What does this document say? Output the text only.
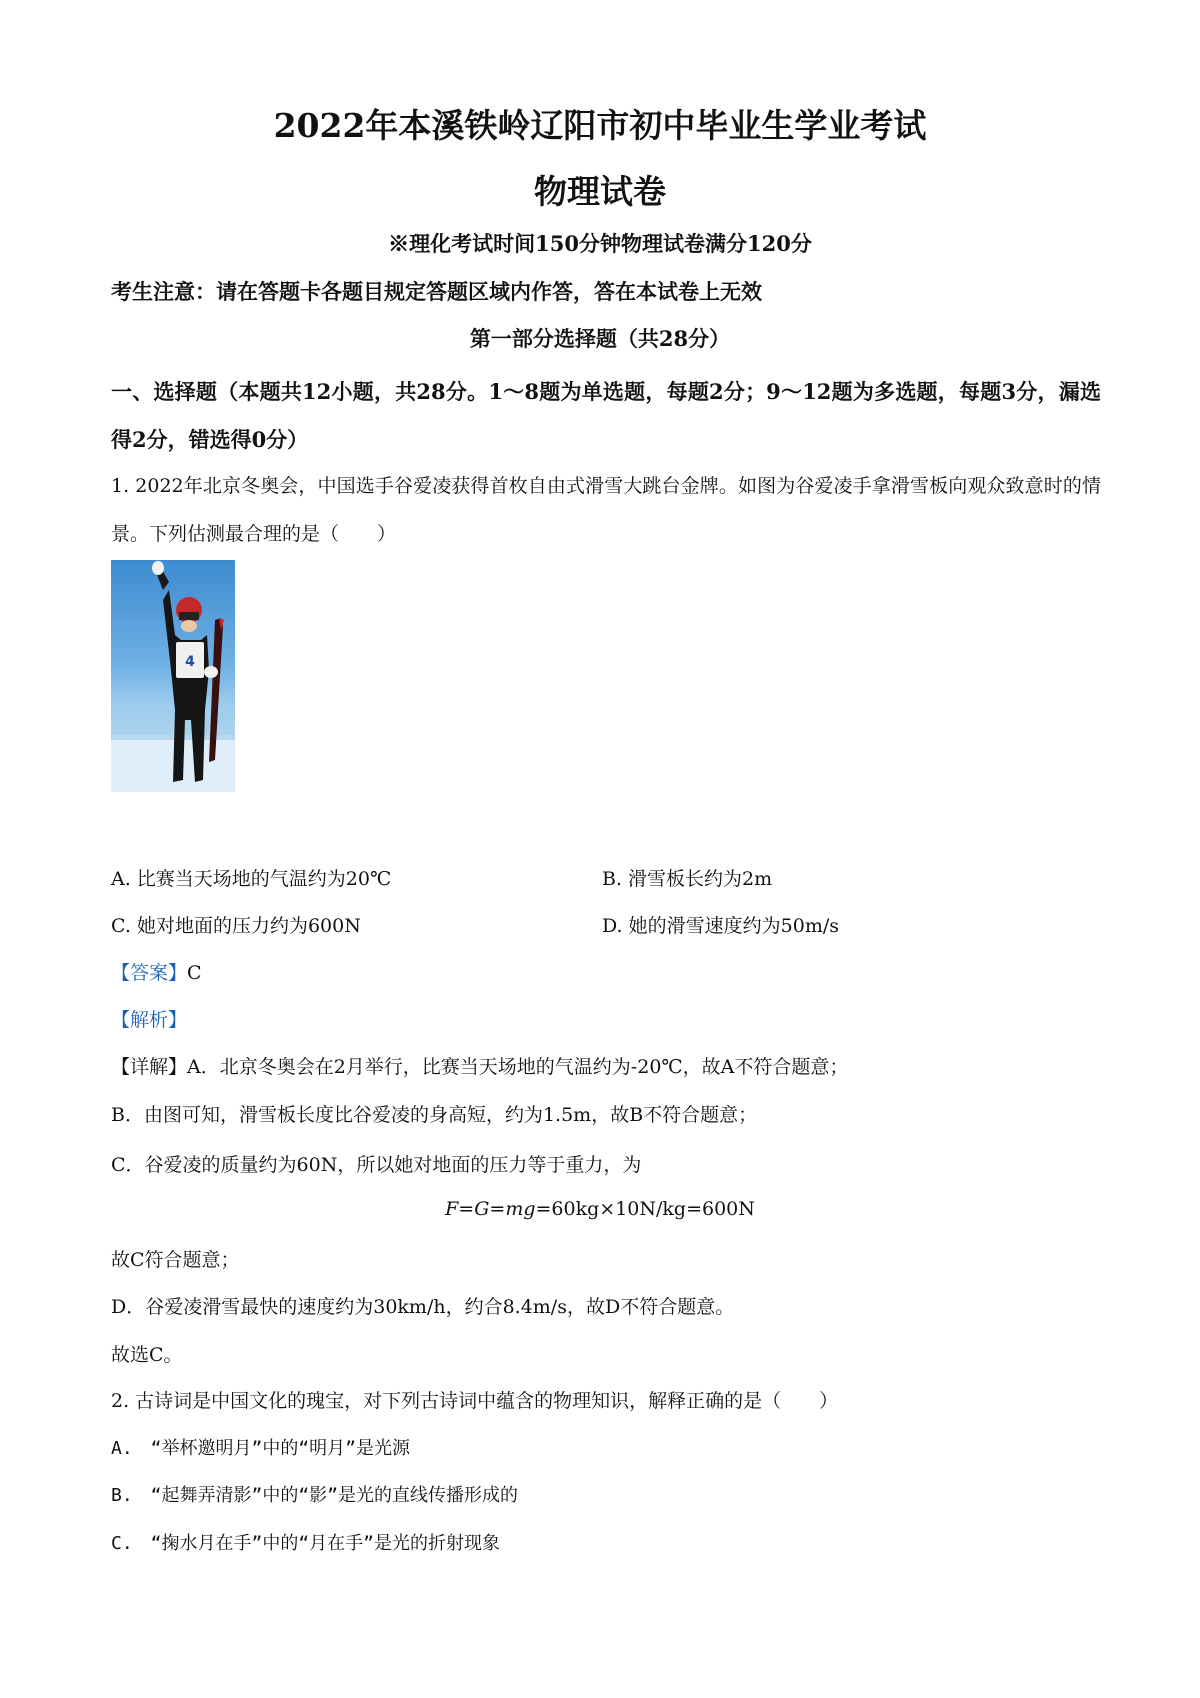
2022年本溪铁岭辽阳市初中毕业生学业考试
物理试卷
※理化考试时间150分钟物理试卷满分120分
考生注意：请在答题卡各题目规定答题区域内作答，答在本试卷上无效
第一部分选择题（共28分）
一、选择题（本题共12小题，共28分。1～8题为单选题，每题2分；9～12题为多选题，每题3分，漏选得2分，错选得0分）
1. 2022年北京冬奥会，中国选手谷爱凌获得首枚自由式滑雪大跳台金牌。如图为谷爱凌手拿滑雪板向观众致意时的情景。下列估测最合理的是（　　）
4
A. 比赛当天场地的气温约为20℃	B. 滑雪板长约为2m
C. 她对地面的压力约为600N	D. 她的滑雪速度约为50m/s
【答案】C
【解析】
【详解】A．北京冬奥会在2月举行，比赛当天场地的气温约为-20℃，故A不符合题意；
B．由图可知，滑雪板长度比谷爱凌的身高短，约为1.5m，故B不符合题意；
C．谷爱凌的质量约为60N，所以她对地面的压力等于重力，为
F=G=mg=60kg×10N/kg=600N
故C符合题意；
D．谷爱凌滑雪最快的速度约为30km/h，约合8.4m/s，故D不符合题意。
故选C。
2. 古诗词是中国文化的瑰宝，对下列古诗词中蕴含的物理知识，解释正确的是（　　）
A.　“举杯邀明月”中的“明月”是光源
B.　“起舞弄清影”中的“影”是光的直线传播形成的
C.　“掬水月在手”中的“月在手”是光的折射现象
